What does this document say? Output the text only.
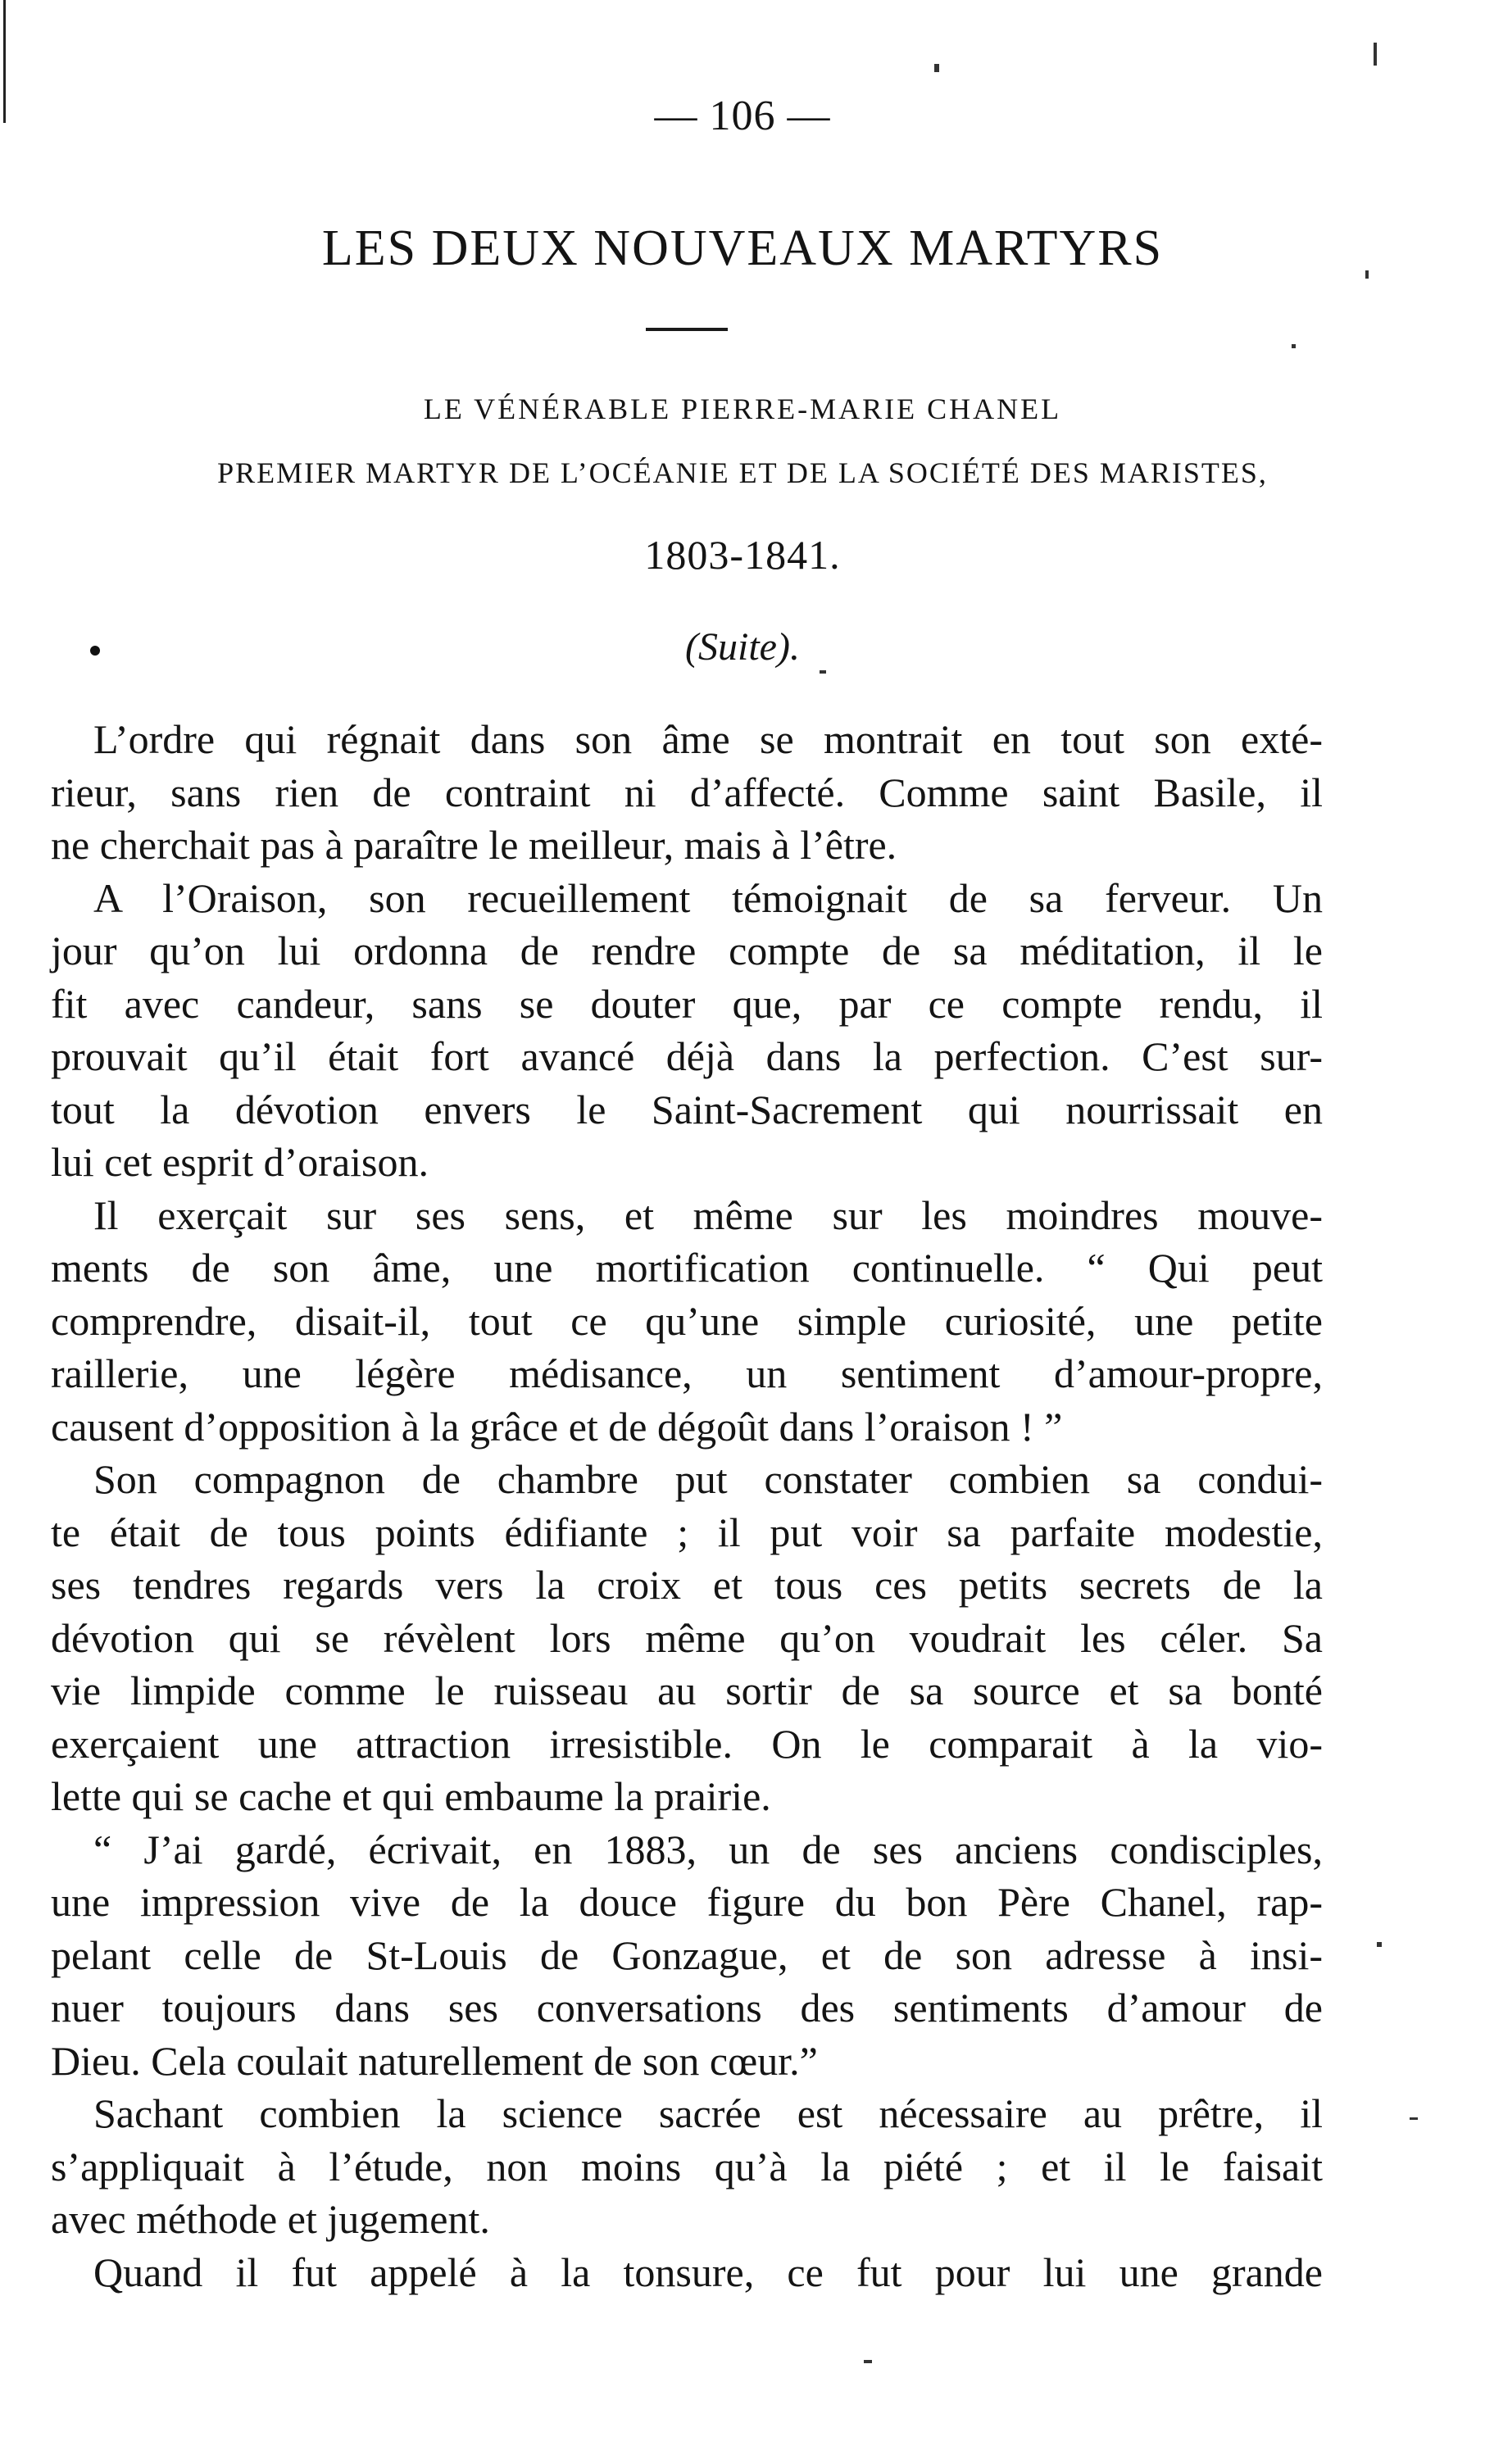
— 106 —
LES DEUX NOUVEAUX MARTYRS
LE VÉNÉRABLE PIERRE-MARIE CHANEL
PREMIER MARTYR DE L’OCÉANIE ET DE LA SOCIÉTÉ DES MARISTES,
1803-1841.
(Suite).
L’ordre qui régnait dans son âme se montrait en tout son exté-
rieur, sans rien de contraint ni d’affecté. Comme saint Basile, il
ne cherchait pas à paraître le meilleur, mais à l’être.
A l’Oraison, son recueillement témoignait de sa ferveur. Un
jour qu’on lui ordonna de rendre compte de sa méditation, il le
fit avec candeur, sans se douter que, par ce compte rendu, il
prouvait qu’il était fort avancé déjà dans la perfection. C’est sur-
tout la dévotion envers le Saint-Sacrement qui nourrissait en
lui cet esprit d’oraison.
Il exerçait sur ses sens, et même sur les moindres mouve-
ments de son âme, une mortification continuelle. “ Qui peut
comprendre, disait-il, tout ce qu’une simple curiosité, une petite
raillerie, une légère médisance, un sentiment d’amour-propre,
causent d’opposition à la grâce et de dégoût dans l’oraison ! ”
Son compagnon de chambre put constater combien sa condui-
te était de tous points édifiante ; il put voir sa parfaite modestie,
ses tendres regards vers la croix et tous ces petits secrets de la
dévotion qui se révèlent lors même qu’on voudrait les céler. Sa
vie limpide comme le ruisseau au sortir de sa source et sa bonté
exerçaient une attraction irresistible. On le comparait à la vio-
lette qui se cache et qui embaume la prairie.
“ J’ai gardé, écrivait, en 1883, un de ses anciens condisciples,
une impression vive de la douce figure du bon Père Chanel, rap-
pelant celle de St-Louis de Gonzague, et de son adresse à insi-
nuer toujours dans ses conversations des sentiments d’amour de
Dieu. Cela coulait naturellement de son cœur.”
Sachant combien la science sacrée est nécessaire au prêtre, il
s’appliquait à l’étude, non moins qu’à la piété ; et il le faisait
avec méthode et jugement.
Quand il fut appelé à la tonsure, ce fut pour lui une grande
